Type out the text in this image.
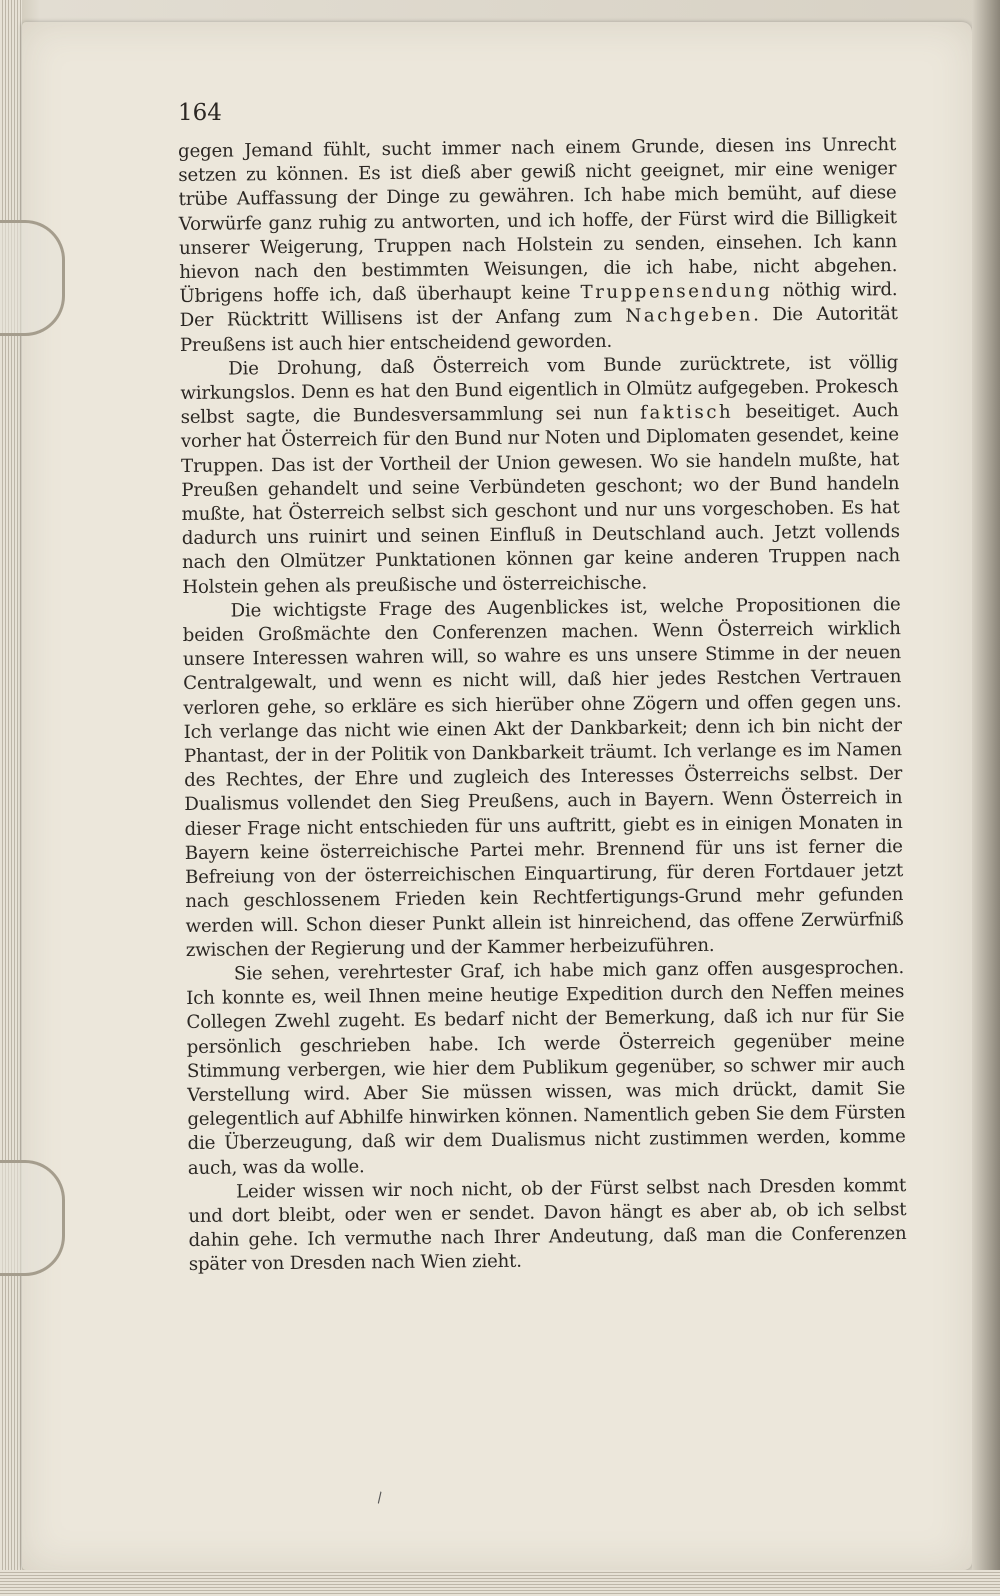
164

gegen Jemand fühlt, sucht immer nach einem Grunde, diesen ins Unrecht setzen zu können. Es ist dieß aber gewiß nicht geeignet, mir eine weniger trübe Auffassung der Dinge zu gewähren. Ich habe mich bemüht, auf diese Vorwürfe ganz ruhig zu antworten, und ich hoffe, der Fürst wird die Billigkeit unserer Weigerung, Truppen nach Holstein zu senden, einsehen. Ich kann hievon nach den bestimmten Weisungen, die ich habe, nicht abgehen. Übrigens hoffe ich, daß überhaupt keine Truppensendung nöthig wird. Der Rücktritt Willisens ist der Anfang zum Nachgeben. Die Autorität Preußens ist auch hier entscheidend geworden.

Die Drohung, daß Österreich vom Bunde zurücktrete, ist völlig wirkungslos. Denn es hat den Bund eigentlich in Olmütz aufgegeben. Prokesch selbst sagte, die Bundesversammlung sei nun faktisch beseitiget. Auch vorher hat Österreich für den Bund nur Noten und Diplomaten gesendet, keine Truppen. Das ist der Vortheil der Union gewesen. Wo sie handeln mußte, hat Preußen gehandelt und seine Verbündeten geschont; wo der Bund handeln mußte, hat Österreich selbst sich geschont und nur uns vorgeschoben. Es hat dadurch uns ruinirt und seinen Einfluß in Deutschland auch. Jetzt vollends nach den Olmützer Punktationen können gar keine anderen Truppen nach Holstein gehen als preußische und österreichische.

Die wichtigste Frage des Augenblickes ist, welche Propositionen die beiden Großmächte den Conferenzen machen. Wenn Österreich wirklich unsere Interessen wahren will, so wahre es uns unsere Stimme in der neuen Centralgewalt, und wenn es nicht will, daß hier jedes Restchen Vertrauen verloren gehe, so erkläre es sich hierüber ohne Zögern und offen gegen uns. Ich verlange das nicht wie einen Akt der Dankbarkeit; denn ich bin nicht der Phantast, der in der Politik von Dankbarkeit träumt. Ich verlange es im Namen des Rechtes, der Ehre und zugleich des Interesses Österreichs selbst. Der Dualismus vollendet den Sieg Preußens, auch in Bayern. Wenn Österreich in dieser Frage nicht entschieden für uns auftritt, giebt es in einigen Monaten in Bayern keine österreichische Partei mehr. Brennend für uns ist ferner die Befreiung von der österreichischen Einquartirung, für deren Fortdauer jetzt nach geschlossenem Frieden kein Rechtfertigungs-Grund mehr gefunden werden will. Schon dieser Punkt allein ist hinreichend, das offene Zerwürfniß zwischen der Regierung und der Kammer herbeizuführen.

Sie sehen, verehrtester Graf, ich habe mich ganz offen ausgesprochen. Ich konnte es, weil Ihnen meine heutige Expedition durch den Neffen meines Collegen Zwehl zugeht. Es bedarf nicht der Bemerkung, daß ich nur für Sie persönlich geschrieben habe. Ich werde Österreich gegenüber meine Stimmung verbergen, wie hier dem Publikum gegenüber, so schwer mir auch Verstellung wird. Aber Sie müssen wissen, was mich drückt, damit Sie gelegentlich auf Abhilfe hinwirken können. Namentlich geben Sie dem Fürsten die Überzeugung, daß wir dem Dualismus nicht zustimmen werden, komme auch, was da wolle.

Leider wissen wir noch nicht, ob der Fürst selbst nach Dresden kommt und dort bleibt, oder wen er sendet. Davon hängt es aber ab, ob ich selbst dahin gehe. Ich vermuthe nach Ihrer Andeutung, daß man die Conferenzen später von Dresden nach Wien zieht.

\
